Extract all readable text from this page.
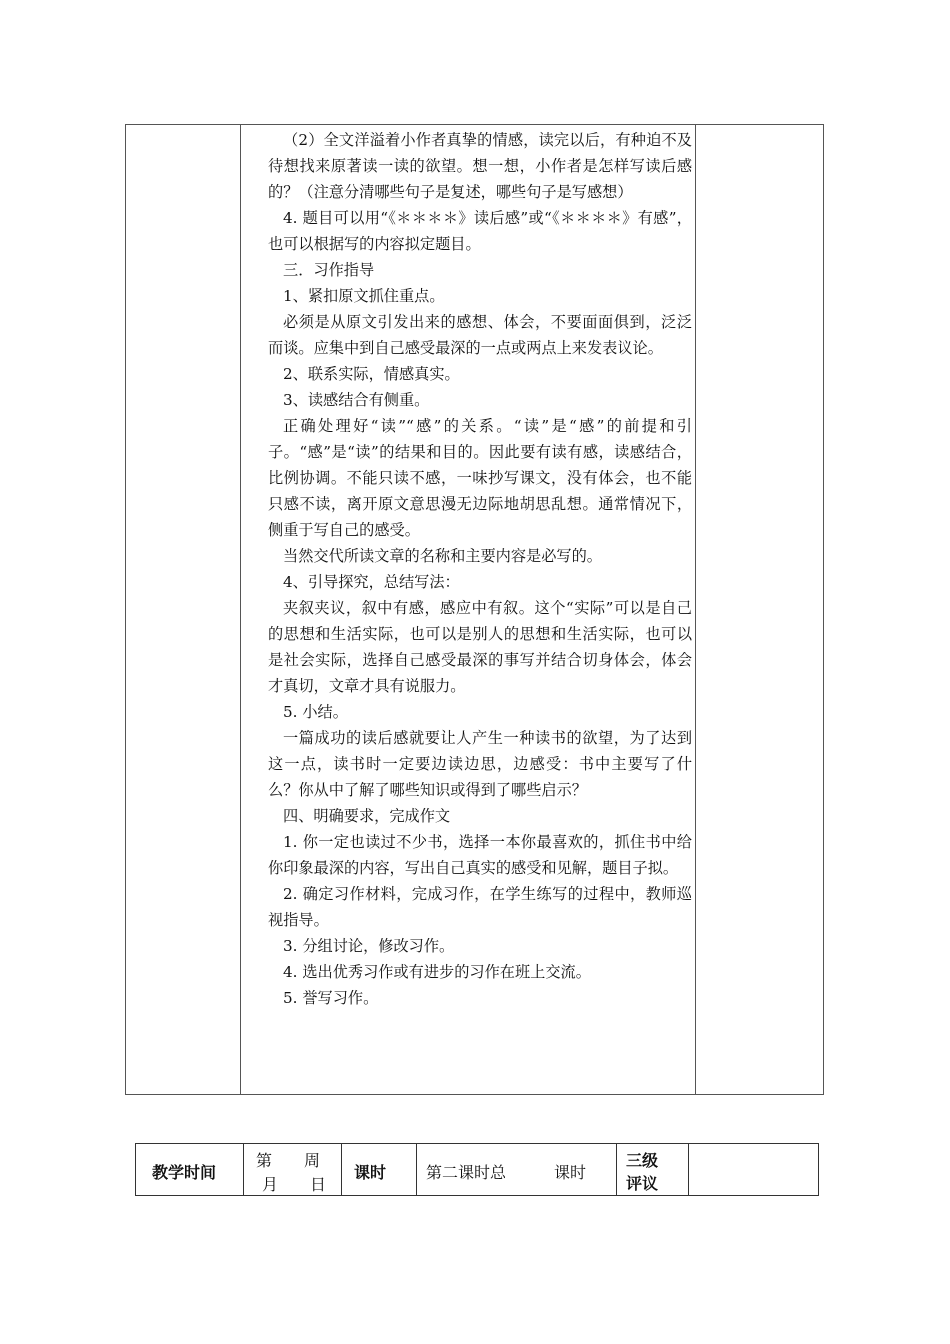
（2）全文洋溢着小作者真挚的情感，读完以后，有种迫不及待想找来原著读一读的欲望。想一想，小作者是怎样写读后感的？（注意分清哪些句子是复述，哪些句子是写感想）

4. 题目可以用“《＊＊＊＊》读后感”或“《＊＊＊＊》有感”，也可以根据写的内容拟定题目。

三．习作指导

1、紧扣原文抓住重点。

必须是从原文引发出来的感想、体会，不要面面俱到，泛泛而谈。应集中到自己感受最深的一点或两点上来发表议论。

2、联系实际，情感真实。

3、读感结合有侧重。

正确处理好“读”“感”的关系。“读”是“感”的前提和引子。“感”是“读”的结果和目的。因此要有读有感，读感结合，比例协调。不能只读不感，一味抄写课文，没有体会，也不能只感不读，离开原文意思漫无边际地胡思乱想。通常情况下，侧重于写自己的感受。

当然交代所读文章的名称和主要内容是必写的。

4、引导探究，总结写法：

夹叙夹议，叙中有感，感应中有叙。这个“实际”可以是自己的思想和生活实际，也可以是别人的思想和生活实际，也可以是社会实际，选择自己感受最深的事写并结合切身体会，体会才真切，文章才具有说服力。

5. 小结。

一篇成功的读后感就要让人产生一种读书的欲望，为了达到这一点，读书时一定要边读边思，边感受：书中主要写了什么？你从中了解了哪些知识或得到了哪些启示？

四、明确要求，完成作文

1. 你一定也读过不少书，选择一本你最喜欢的，抓住书中给你印象最深的内容，写出自己真实的感受和见解，题目子拟。

2. 确定习作材料，完成习作，在学生练写的过程中，教师巡视指导。

3. 分组讨论，修改习作。

4. 选出优秀习作或有进步的习作在班上交流。

5. 誉写习作。

教学时间
第　　周
月　　日
课时 第二课时总　　　课时
三级
评议
